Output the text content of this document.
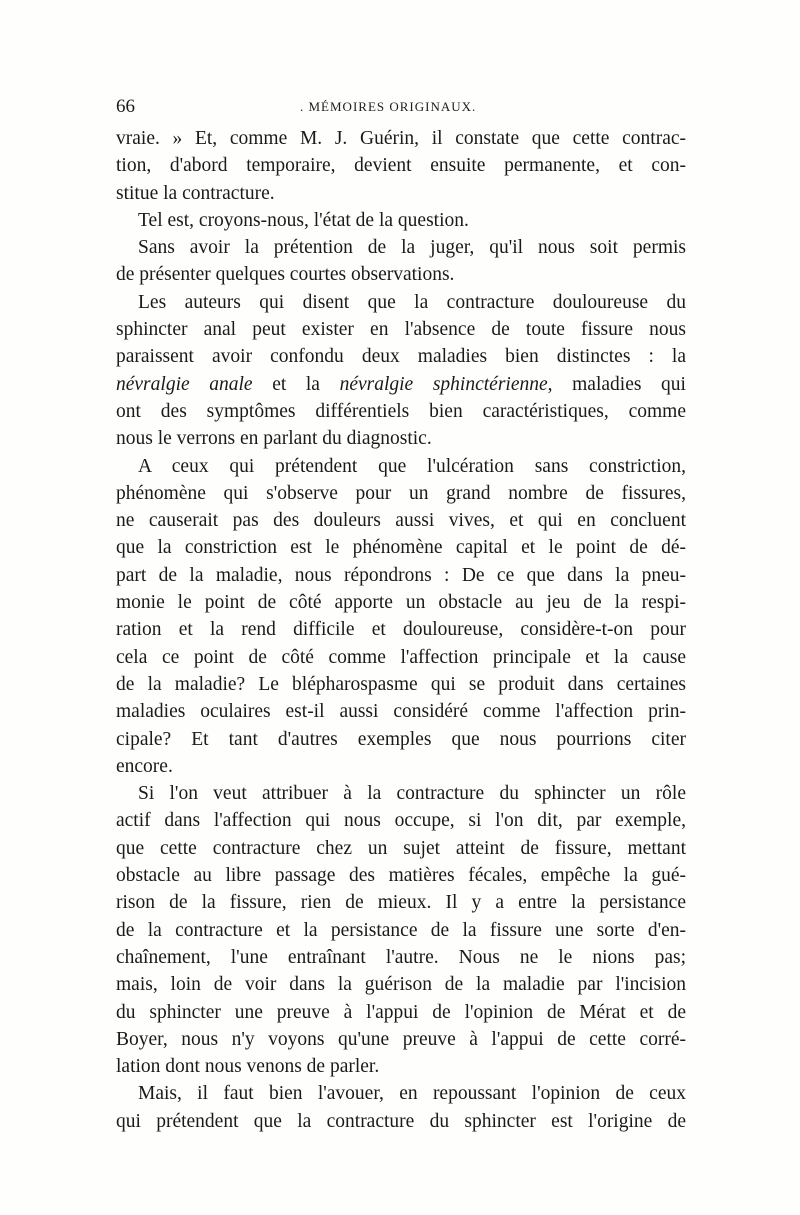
66	. MÉMOIRES ORIGINAUX.

vraie. » Et, comme M. J. Guérin, il constate que cette contrac-
tion, d'abord temporaire, devient ensuite permanente, et con-
stitue la contracture.

Tel est, croyons-nous, l'état de la question.

Sans avoir la prétention de la juger, qu'il nous soit permis
de présenter quelques courtes observations.

Les auteurs qui disent que la contracture douloureuse du
sphincter anal peut exister en l'absence de toute fissure nous
paraissent avoir confondu deux maladies bien distinctes : la
névralgie anale et la névralgie sphinctérienne, maladies qui
ont des symptômes différentiels bien caractéristiques, comme
nous le verrons en parlant du diagnostic.

A ceux qui prétendent que l'ulcération sans constriction,
phénomène qui s'observe pour un grand nombre de fissures,
ne causerait pas des douleurs aussi vives, et qui en concluent
que la constriction est le phénomène capital et le point de dé-
part de la maladie, nous répondrons : De ce que dans la pneu-
monie le point de côté apporte un obstacle au jeu de la respi-
ration et la rend difficile et douloureuse, considère-t-on pour
cela ce point de côté comme l'affection principale et la cause
de la maladie? Le blépharospasme qui se produit dans certaines
maladies oculaires est-il aussi considéré comme l'affection prin-
cipale? Et tant d'autres exemples que nous pourrions citer
encore.

Si l'on veut attribuer à la contracture du sphincter un rôle
actif dans l'affection qui nous occupe, si l'on dit, par exemple,
que cette contracture chez un sujet atteint de fissure, mettant
obstacle au libre passage des matières fécales, empêche la gué-
rison de la fissure, rien de mieux. Il y a entre la persistance
de la contracture et la persistance de la fissure une sorte d'en-
chaînement, l'une entraînant l'autre. Nous ne le nions pas;
mais, loin de voir dans la guérison de la maladie par l'incision
du sphincter une preuve à l'appui de l'opinion de Mérat et de
Boyer, nous n'y voyons qu'une preuve à l'appui de cette corré-
lation dont nous venons de parler.

Mais, il faut bien l'avouer, en repoussant l'opinion de ceux
qui prétendent que la contracture du sphincter est l'origine de
